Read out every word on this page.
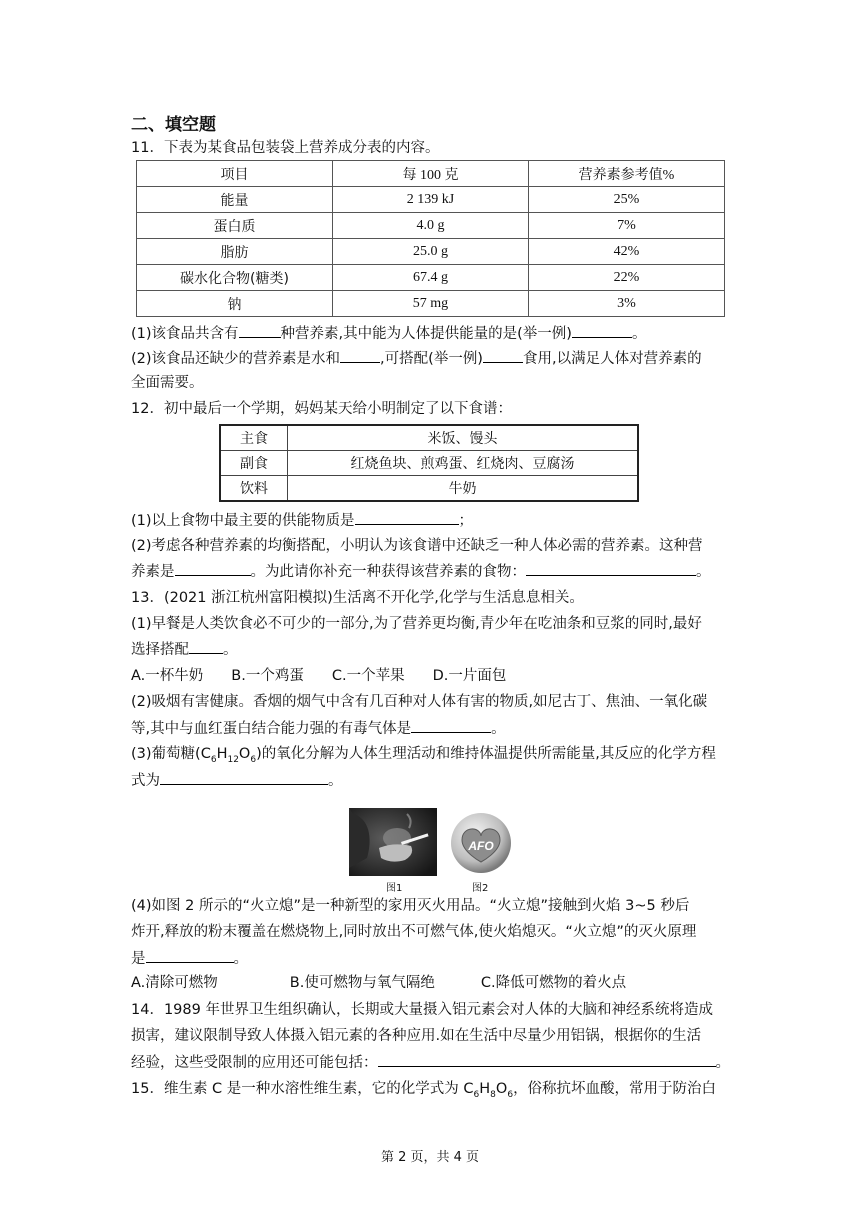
二、填空题
11．下表为某食品包装袋上营养成分表的内容。
项目	每 100 克	营养素参考值%
能量	2 139 kJ	25%
蛋白质	4.0 g	7%
脂肪	25.0 g	42%
碳水化合物(糖类)	67.4 g	22%
钠	57 mg	3%
(1)该食品共含有	种营养素,其中能为人体提供能量的是(举一例)	。
(2)该食品还缺少的营养素是水和	,可搭配(举一例)	食用,以满足人体对营养素的
全面需要。
12．初中最后一个学期，妈妈某天给小明制定了以下食谱：
主食	米饭、馒头
副食	红烧鱼块、煎鸡蛋、红烧肉、豆腐汤
饮料	牛奶
(1)以上食物中最主要的供能物质是	；
(2)考虑各种营养素的均衡搭配，小明认为该食谱中还缺乏一种人体必需的营养素。这种营
养素是	。为此请你补充一种获得该营养素的食物：	。
13．(2021 浙江杭州富阳模拟)生活离不开化学,化学与生活息息相关。
(1)早餐是人类饮食必不可少的一部分,为了营养更均衡,青少年在吃油条和豆浆的同时,最好
选择搭配 。
A.一杯牛奶 B.一个鸡蛋 C.一个苹果 D.一片面包
(2)吸烟有害健康。香烟的烟气中含有几百种对人体有害的物质,如尼古丁、焦油、一氧化碳
等,其中与血红蛋白结合能力强的有毒气体是	。
(3)葡萄糖$(C_6H_{12}O_6)$的氧化分解为人体生理活动和维持体温提供所需能量,其反应的化学方程
式为	。
AFO
图1	图2
(4)如图 2 所示的“火立熄”是一种新型的家用灭火用品。“火立熄”接触到火焰 3~5 秒后
炸开,释放的粉末覆盖在燃烧物上,同时放出不可燃气体,使火焰熄灭。“火立熄”的灭火原理
是	。
A.清除可燃物	B.使可燃物与氧气隔绝	C.降低可燃物的着火点
14．1989 年世界卫生组织确认，长期或大量摄入铝元素会对人体的大脑和神经系统将造成
损害，建议限制导致人体摄入铝元素的各种应用.如在生活中尽量少用铝锅，根据你的生活
经验，这些受限制的应用还可能包括：	。
15．维生素 C 是一种水溶性维生素，它的化学式为 $C_6H_8O_6$，俗称抗坏血酸，常用于防治白
第 2 页，共 4 页
